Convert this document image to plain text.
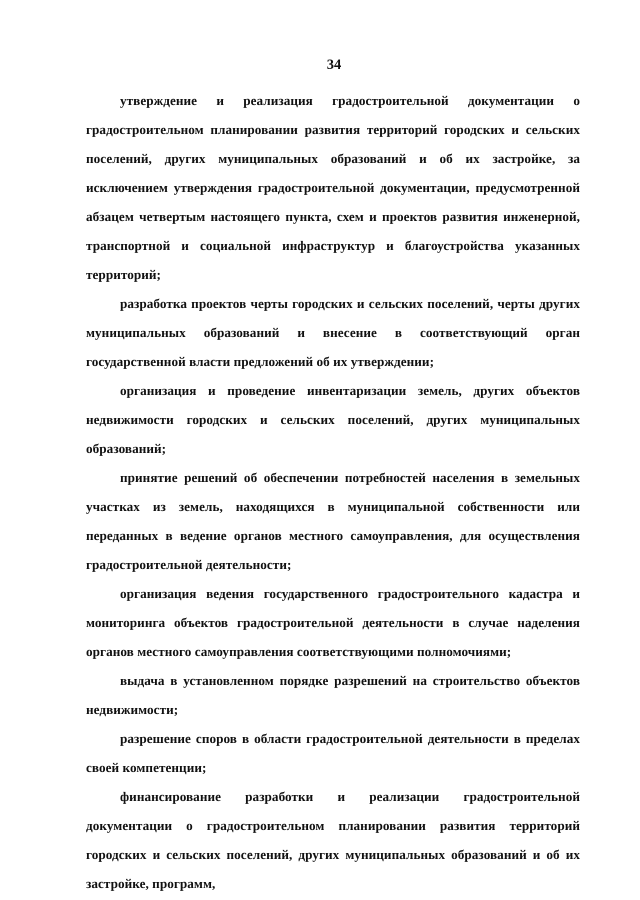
34

утверждение и реализация градостроительной документации о градостроительном планировании развития территорий городских и сельских поселений, других муниципальных образований и об их застройке, за исключением утверждения градостроительной документации, предусмотренной абзацем четвертым настоящего пункта, схем и проектов развития инженерной, транспортной и социальной инфраструктур и благоустройства указанных территорий;

разработка проектов черты городских и сельских поселений, черты других муниципальных образований и внесение в соответствующий орган государственной власти предложений об их утверждении;

организация и проведение инвентаризации земель, других объектов недвижимости городских и сельских поселений, других муниципальных образований;

принятие решений об обеспечении потребностей населения в земельных участках из земель, находящихся в муниципальной собственности или переданных в ведение органов местного самоуправления, для осуществления градостроительной деятельности;

организация ведения государственного градостроительного кадастра и мониторинга объектов градостроительной деятельности в случае наделения органов местного самоуправления соответствующими полномочиями;

выдача в установленном порядке разрешений на строительство объектов недвижимости;

разрешение споров в области градостроительной деятельности в пределах своей компетенции;

финансирование разработки и реализации градостроительной документации о градостроительном планировании развития территорий городских и сельских поселений, других муниципальных образований и об их застройке, программ,
